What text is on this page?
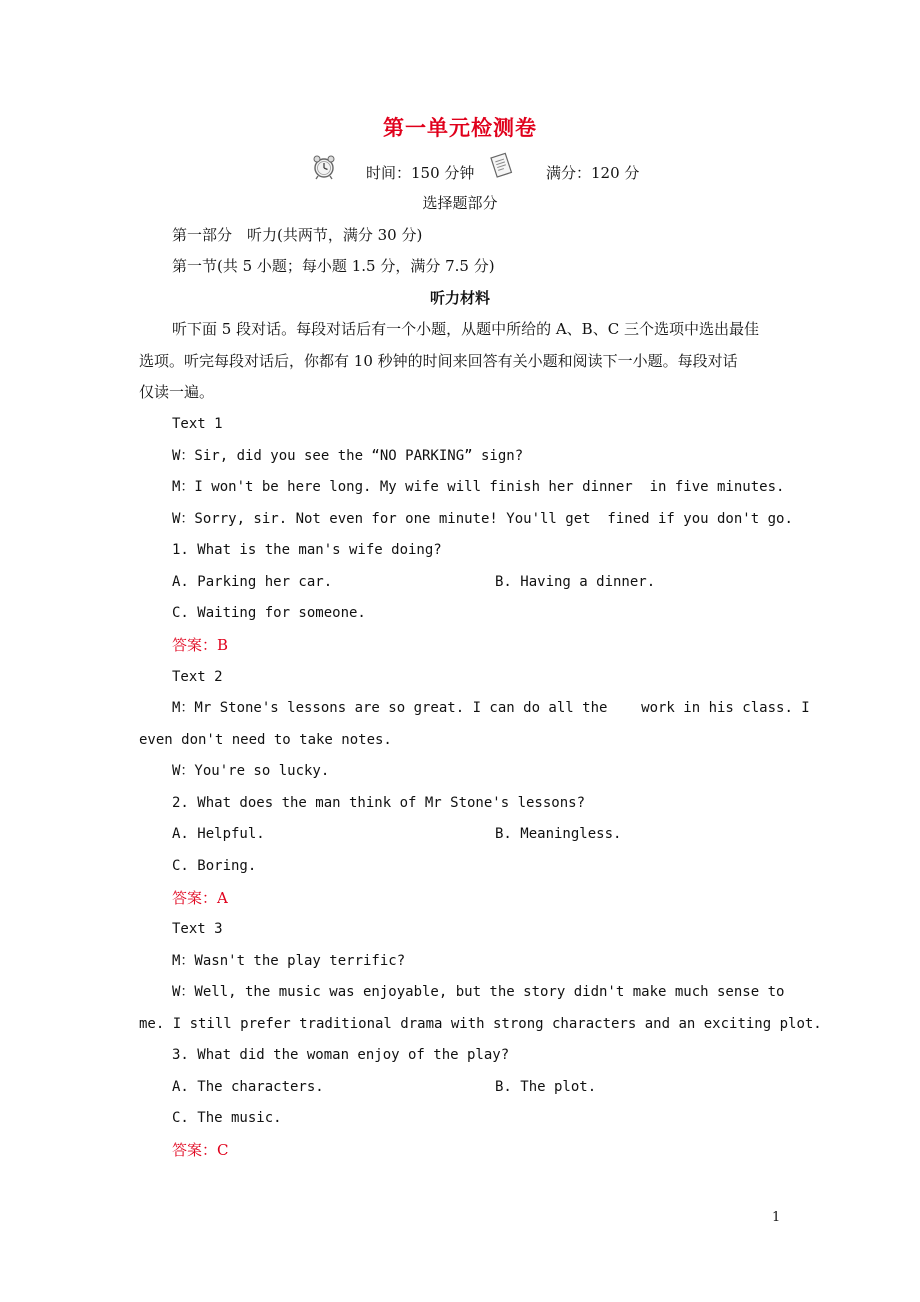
第一单元检测卷
时间：150 分钟	满分：120 分
选择题部分
第一部分　听力(共两节，满分 30 分)
第一节(共 5 小题；每小题 1.5 分，满分 7.5 分)
听力材料
听下面 5 段对话。每段对话后有一个小题，从题中所给的 A、B、C 三个选项中选出最佳
选项。听完每段对话后，你都有 10 秒钟的时间来回答有关小题和阅读下一小题。每段对话
仅读一遍。
Text 1
W：Sir, did you see the “NO PARKING” sign?
M：I won't be here long. My wife will finish her dinner  in five minutes.
W：Sorry, sir. Not even for one minute! You'll get  fined if you don't go.
1. What is the man's wife doing?
A. Parking her car.	B. Having a dinner.
C. Waiting for someone.
答案：B
Text 2
M：Mr Stone's lessons are so great. I can do all the    work in his class. I
even don't need to take notes.
W：You're so lucky.
2. What does the man think of Mr Stone's lessons?
A. Helpful.	B. Meaningless.
C. Boring.
答案：A
Text 3
M：Wasn't the play terrific?
W：Well, the music was enjoyable, but the story didn't make much sense to
me. I still prefer traditional drama with strong characters and an exciting plot.
3. What did the woman enjoy of the play?
A. The characters.	B. The plot.
C. The music.
答案：C
1
